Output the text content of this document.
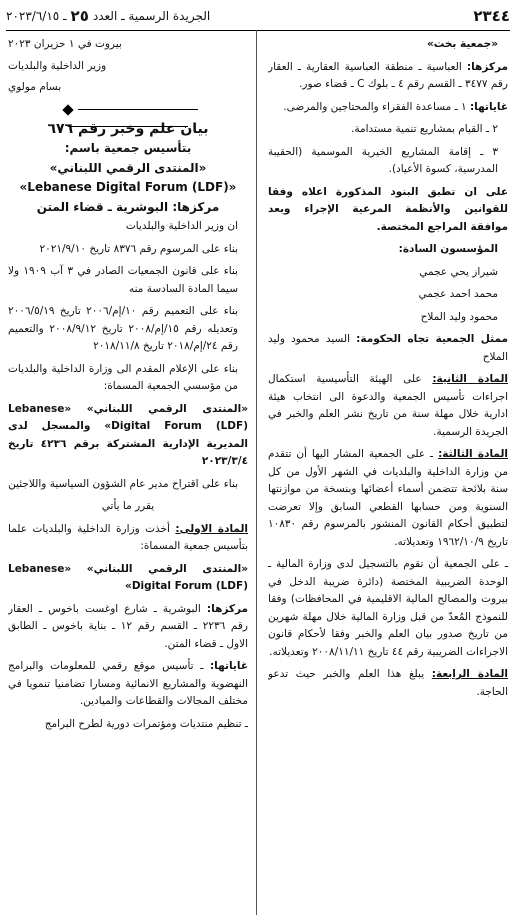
٢٣٤٤
الجريدة الرسمية ـ العدد
٢٥
ـ ٢٠٢٣/٦/١٥

«جمعية بخت»

مركزها: العباسية ـ منطقة العباسية العقارية ـ العقار رقم ٣٤٧٧ ـ القسم رقم ٤ ـ بلوك C ـ قضاء صور.

غاياتها: ١ ـ مساعدة الفقراء والمحتاجين والمرضى.

٢ ـ القيام بمشاريع تنمية مستدامة.

٣ ـ إقامة المشاريع الخيرية الموسمية (الحقيبة المدرسية، كسوة الأعياد).

على ان تطبق البنود المذكورة اعلاه وفقا للقوانين والأنظمة المرعية الإجراء وبعد موافقة المراجع المختصة.

المؤسسون السادة:

شيراز يحي عجمي

محمد احمد عجمي

محمود وليد الملاح

ممثل الجمعية تجاه الحكومة: السيد محمود وليد الملاح

المادة الثانية: على الهيئة التأسيسية استكمال اجراءات تأسيس الجمعية والدعوة الى انتخاب هيئة ادارية خلال مهلة سنة من تاريخ نشر العلم والخبر في الجريدة الرسمية.

المادة الثالثة: ـ على الجمعية المشار اليها أن تتقدم من وزارة الداخلية والبلديات في الشهر الأول من كل سنة بلائحة تتضمن أسماء أعضائها وبنسخة من موازنتها السنوية ومن حسابها القطعي السابق وإلا تعرضت لتطبيق أحكام القانون المنشور بالمرسوم رقم ١٠٨٣٠ تاريخ ١٩٦٢/١٠/٩ وتعديلاته.

ـ على الجمعية أن تقوم بالتسجيل لدى وزارة المالية ـ الوحدة الضريبية المختصة (دائرة ضريبة الدخل في بيروت والمصالح المالية الاقليمية في المحافظات) وفقا للنموذج المُعدّ من قبل وزارة المالية خلال مهلة شهرين من تاريخ صدور بيان العلم والخبر وفقا لأحكام قانون الاجراءات الضريبية رقم ٤٤ تاريخ ٢٠٠٨/١١/١١ وتعديلاته.

المادة الرابعة: يبلغ هذا العلم والخبر حيث تدعو الحاجة.

بيروت في ١ حزيران ٢٠٢٣

وزير الداخلية والبلديات

بسام مولوي

بيان علم وخبر رقم ٦٧٦

بتأسيس جمعية باسم:

«المنتدى الرقمي اللبناني»

«Lebanese Digital Forum (LDF)»

مركزها: البوشرية ـ قضاء المتن

ان وزير الداخلية والبلديات

بناء على المرسوم رقم ٨٣٧٦ تاريخ ٢٠٢١/٩/١٠

بناء على قانون الجمعيات الصادر في ٣ آب ١٩٠٩ ولا سيما المادة السادسة منه

بناء على التعميم رقم ١٠/إم/٢٠٠٦ تاريخ ٢٠٠٦/٥/١٩ وتعديله رقم ١٥/إم/٢٠٠٨ تاريخ ٢٠٠٨/٩/١٢ والتعميم رقم ٢٤/إم/٢٠١٨ تاريخ ٢٠١٨/١١/٨

بناء على الإعلام المقدم الى وزارة الداخلية والبلديات من مؤسسي الجمعية المسماة:

«المنتدى الرقمي اللبناني» «Lebanese Digital Forum (LDF)» والمسجل لدى المديرية الإدارية المشتركة برقم ٤٢٣٦ تاريخ ٢٠٢٣/٣/٤

بناء على اقتراح مدير عام الشؤون السياسية واللاجئين

يقرر ما يأتي

المادة الاولى: أخذت وزارة الداخلية والبلديات علما بتأسيس جمعية المسماة:

«المنتدى الرقمي اللبناني» «Lebanese Digital Forum (LDF)»

مركزها: البوشرية ـ شارع اوغست باخوس ـ العقار رقم ٢٢٣٦ ـ القسم رقم ١٢ ـ بناية باخوس ـ الطابق الاول ـ قضاء المتن.

غاياتها: ـ تأسيس موقع رقمي للمعلومات والبرامج النهضوية والمشاريع الانمائية ومسارا تضامنيا تنمويا في مختلف المجالات والقطاعات والميادين.

ـ تنظيم منتديات ومؤتمرات دورية لطرح البرامج
